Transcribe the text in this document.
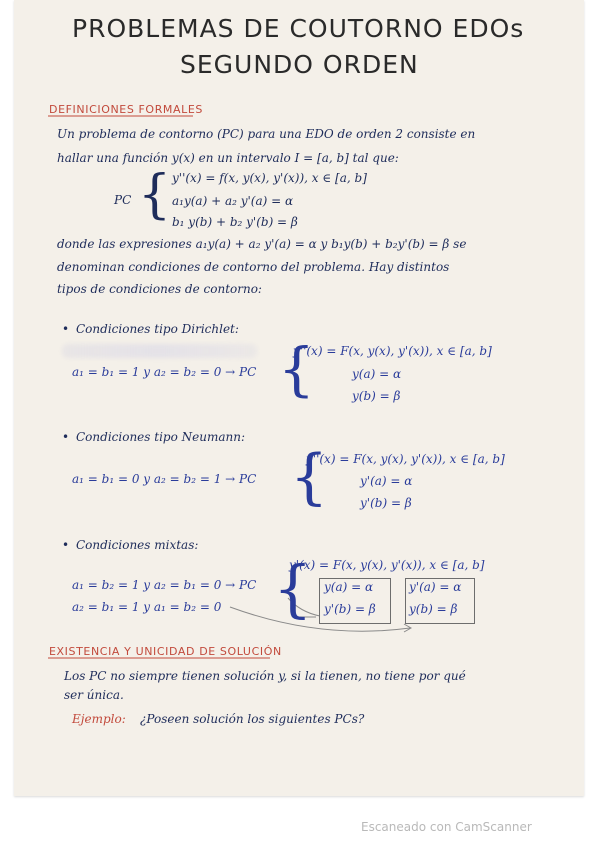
PROBLEMAS DE COUTORNO EDOs
SEGUNDO ORDEN
DEFINICIONES FORMALES
Un problema de contorno (PC) para una EDO de orden 2 consiste en
hallar una función y(x) en un intervalo I = [a, b] tal que:
PC { y''(x) = f(x, y(x), y'(x)), x ∈ [a, b]
a₁y(a) + a₂ y'(a) = α
b₁ y(b) + b₂ y'(b) = β
donde las expresiones a₁y(a) + a₂ y'(a) = α y b₁y(b) + b₂y'(b) = β se
denominan condiciones de contorno del problema. Hay distintos
tipos de condiciones de contorno:
• Condiciones tipo Dirichlet:
a₁ = b₁ = 1 y a₂ = b₂ = 0 → PC {
y''(x) = F(x, y(x), y'(x)), x ∈ [a, b]
y(a) = α
y(b) = β
• Condiciones tipo Neumann:
a₁ = b₁ = 0 y a₂ = b₂ = 1 → PC {
y''(x) = F(x, y(x), y'(x)), x ∈ [a, b]
y'(a) = α
y'(b) = β
• Condiciones mixtas:
a₁ = b₂ = 1 y a₂ = b₁ = 0 → PC
a₂ = b₁ = 1 y a₁ = b₂ = 0 {
y'(x) = F(x, y(x), y'(x)), x ∈ [a, b]
y(a) = α
y'(b) = β
y'(a) = α
y(b) = β
EXISTENCIA Y UNICIDAD DE SOLUCIÓN
Los PC no siempre tienen solución y, si la tienen, no tiene por qué
ser única.
Ejemplo: ¿Poseen solución los siguientes PCs?
Escaneado con CamScanner
